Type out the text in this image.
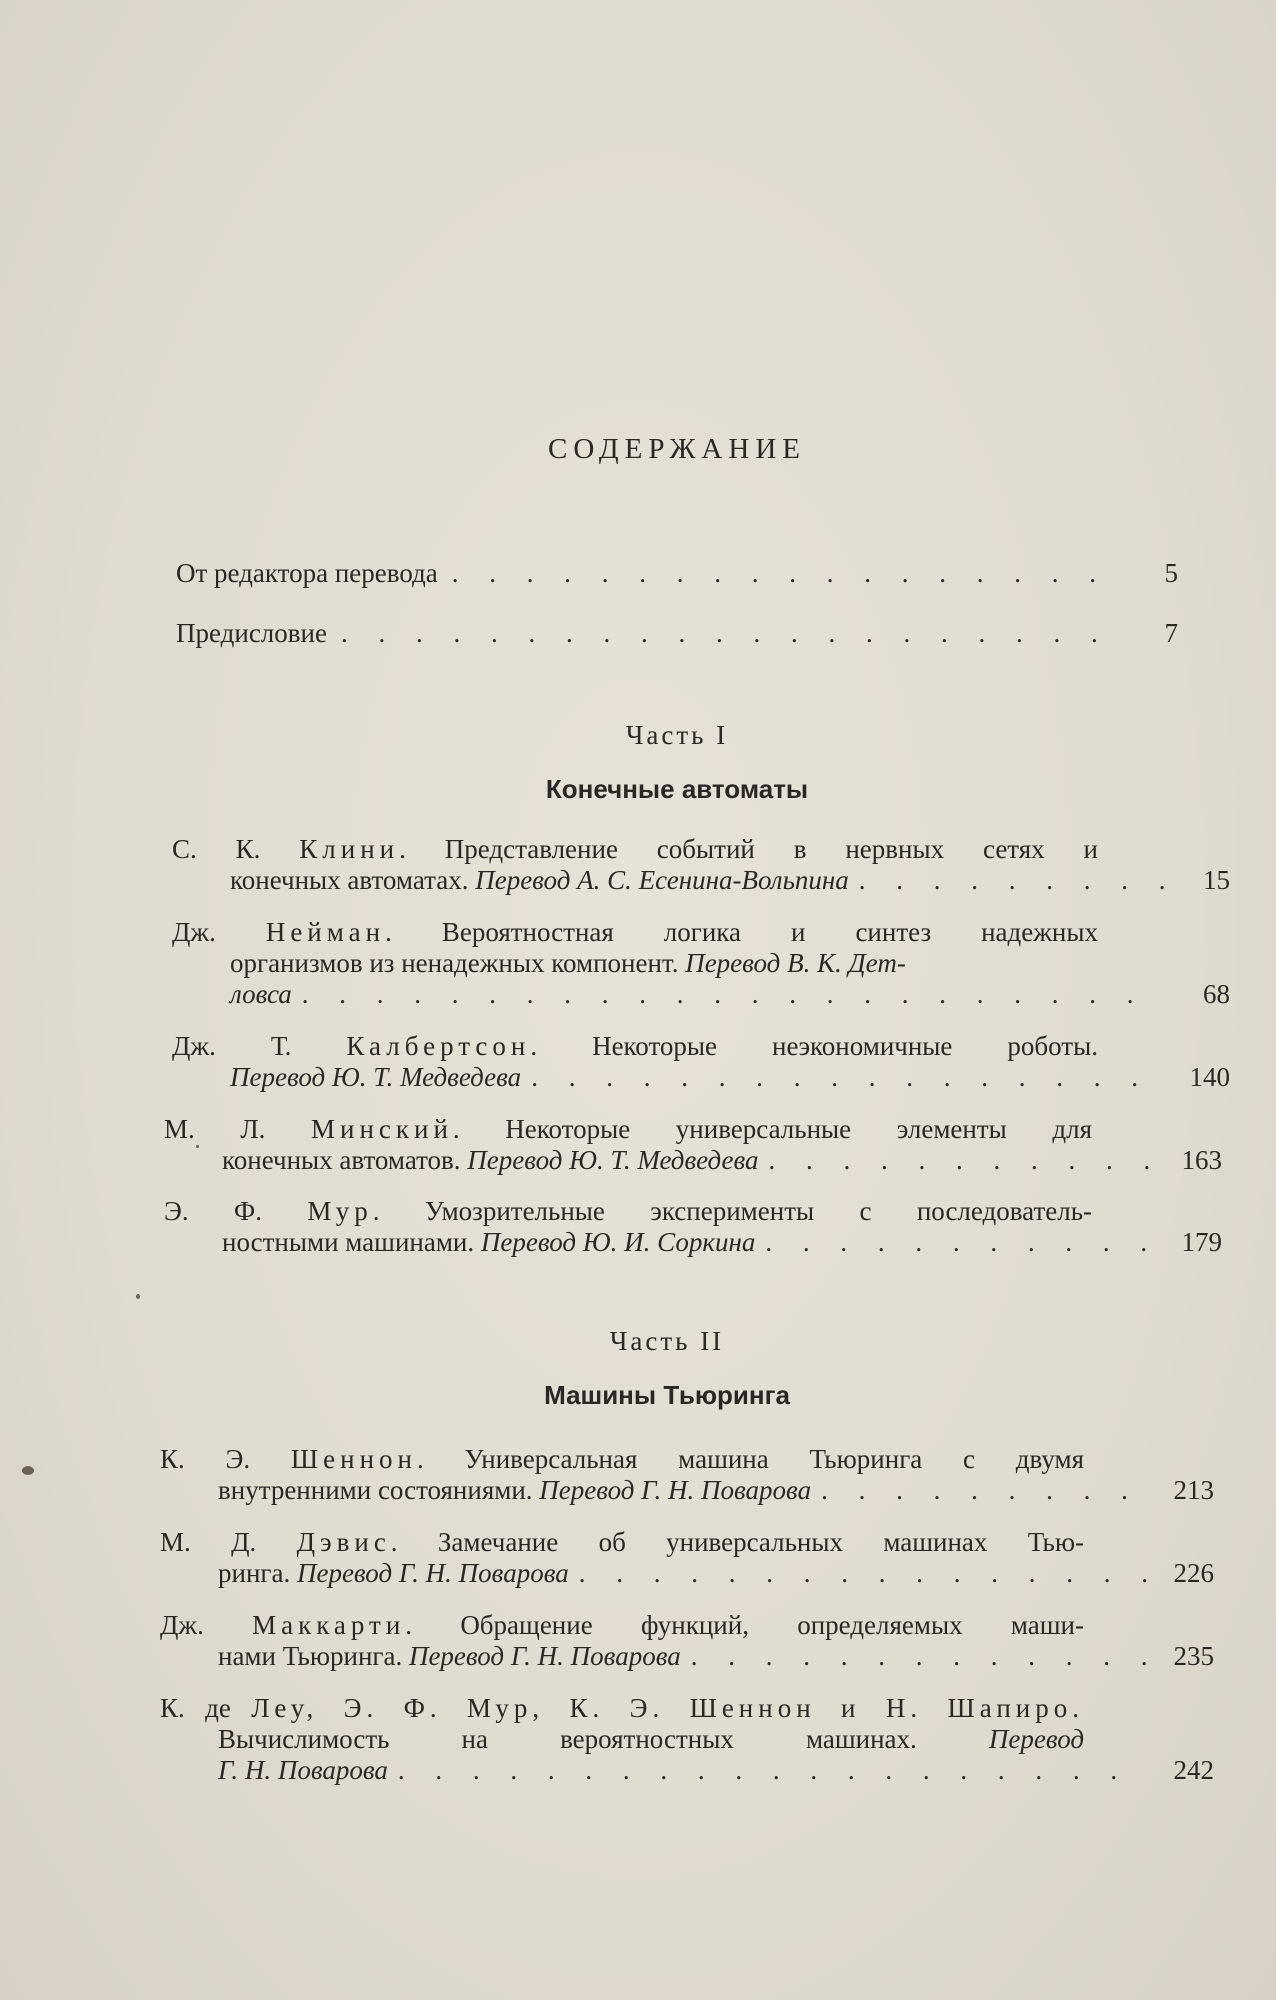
СОДЕРЖАНИЕ
От редактора перевода . . .	5
Предисловие . . .	7
Часть I
Конечные автоматы
С. К. Клини. Представление событий в нервных сетях и
конечных автоматах. Перевод А. С. Есенина-Вольпина . . .	15
Дж. Нейман. Вероятностная логика и синтез надежных
организмов из ненадежных компонент. Перевод В. К. Дет-
ловса . . .	68
Дж. Т. Калбертсон. Некоторые неэкономичные роботы.
Перевод Ю. Т. Медведева . . .	140
М. Л. Минский. Некоторые универсальные элементы для
конечных автоматов. Перевод Ю. Т. Медведева . . .	163
Э. Ф. Мур. Умозрительные эксперименты с последователь-
ностными машинами. Перевод Ю. И. Соркина . . .	179
Часть II
Машины Тьюринга
К. Э. Шеннон. Универсальная машина Тьюринга с двумя
внутренними состояниями. Перевод Г. Н. Поварова . . .	213
М. Д. Дэвис. Замечание об универсальных машинах Тью-
ринга. Перевод Г. Н. Поварова . . .	226
Дж. Маккарти. Обращение функций, определяемых маши-
нами Тьюринга. Перевод Г. Н. Поварова . . .	235
К. де Леу, Э. Ф. Мур, К. Э. Шеннон и Н. Шапиро.
Вычислимость на вероятностных машинах.	Перевод
Г. Н. Поварова . . .	242
